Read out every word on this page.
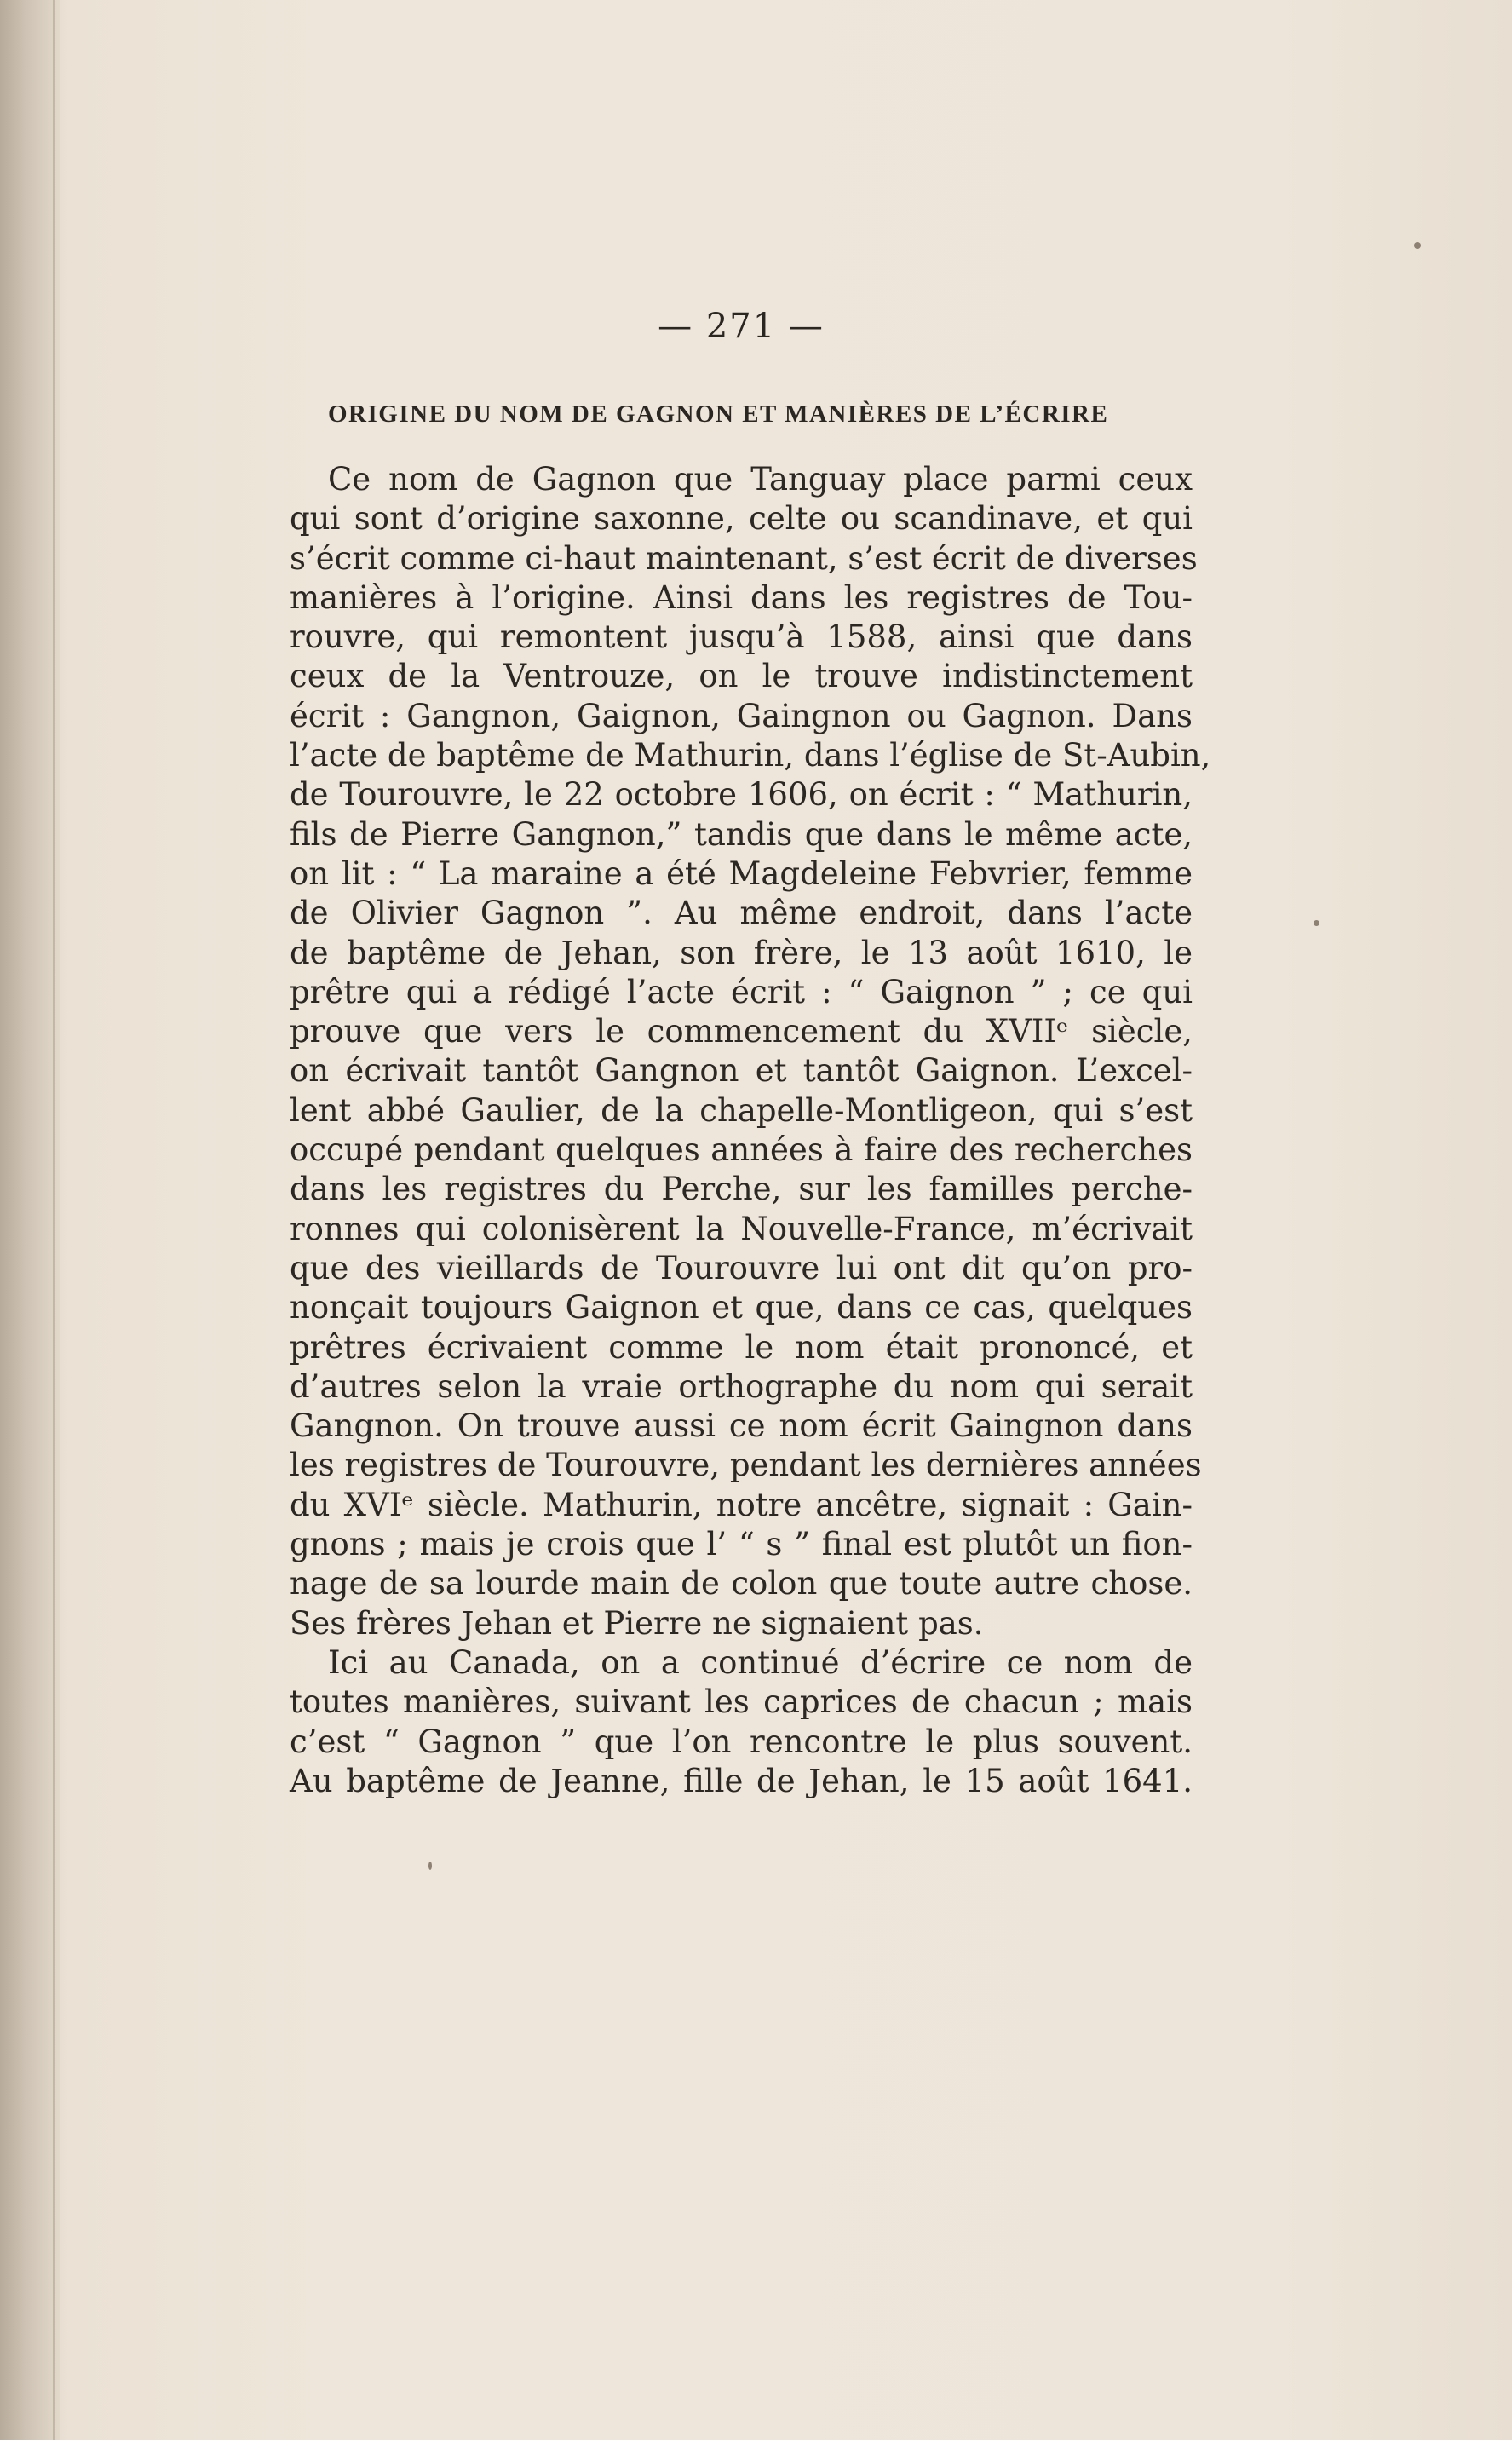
— 271 —
ORIGINE DU NOM DE GAGNON ET MANIÈRES DE L’ÉCRIRE
Ce nom de Gagnon que Tanguay place parmi ceux
qui sont d’origine saxonne, celte ou scandinave, et qui
s’écrit comme ci-haut maintenant, s’est écrit de diverses
manières à l’origine. Ainsi dans les registres de Tou-
rouvre, qui remontent jusqu’à 1588, ainsi que dans
ceux de la Ventrouze, on le trouve indistinctement
écrit : Gangnon, Gaignon, Gaingnon ou Gagnon. Dans
l’acte de baptême de Mathurin, dans l’église de St-Aubin,
de Tourouvre, le 22 octobre 1606, on écrit : “ Mathurin,
fils de Pierre Gangnon,” tandis que dans le même acte,
on lit : “ La maraine a été Magdeleine Febvrier, femme
de Olivier Gagnon ”. Au même endroit, dans l’acte
de baptême de Jehan, son frère, le 13 août 1610, le
prêtre qui a rédigé l’acte écrit : “ Gaignon ” ; ce qui
prouve que vers le commencement du XVIIᵉ siècle,
on écrivait tantôt Gangnon et tantôt Gaignon. L’excel-
lent abbé Gaulier, de la chapelle-Montligeon, qui s’est
occupé pendant quelques années à faire des recherches
dans les registres du Perche, sur les familles perche-
ronnes qui colonisèrent la Nouvelle-France, m’écrivait
que des vieillards de Tourouvre lui ont dit qu’on pro-
nonçait toujours Gaignon et que, dans ce cas, quelques
prêtres écrivaient comme le nom était prononcé, et
d’autres selon la vraie orthographe du nom qui serait
Gangnon. On trouve aussi ce nom écrit Gaingnon dans
les registres de Tourouvre, pendant les dernières années
du XVIᵉ siècle. Mathurin, notre ancêtre, signait : Gain-
gnons ; mais je crois que l’ “ s ” final est plutôt un fion-
nage de sa lourde main de colon que toute autre chose.
Ses frères Jehan et Pierre ne signaient pas.
Ici au Canada, on a continué d’écrire ce nom de
toutes manières, suivant les caprices de chacun ; mais
c’est “ Gagnon ” que l’on rencontre le plus souvent.
Au baptême de Jeanne, fille de Jehan, le 15 août 1641.
